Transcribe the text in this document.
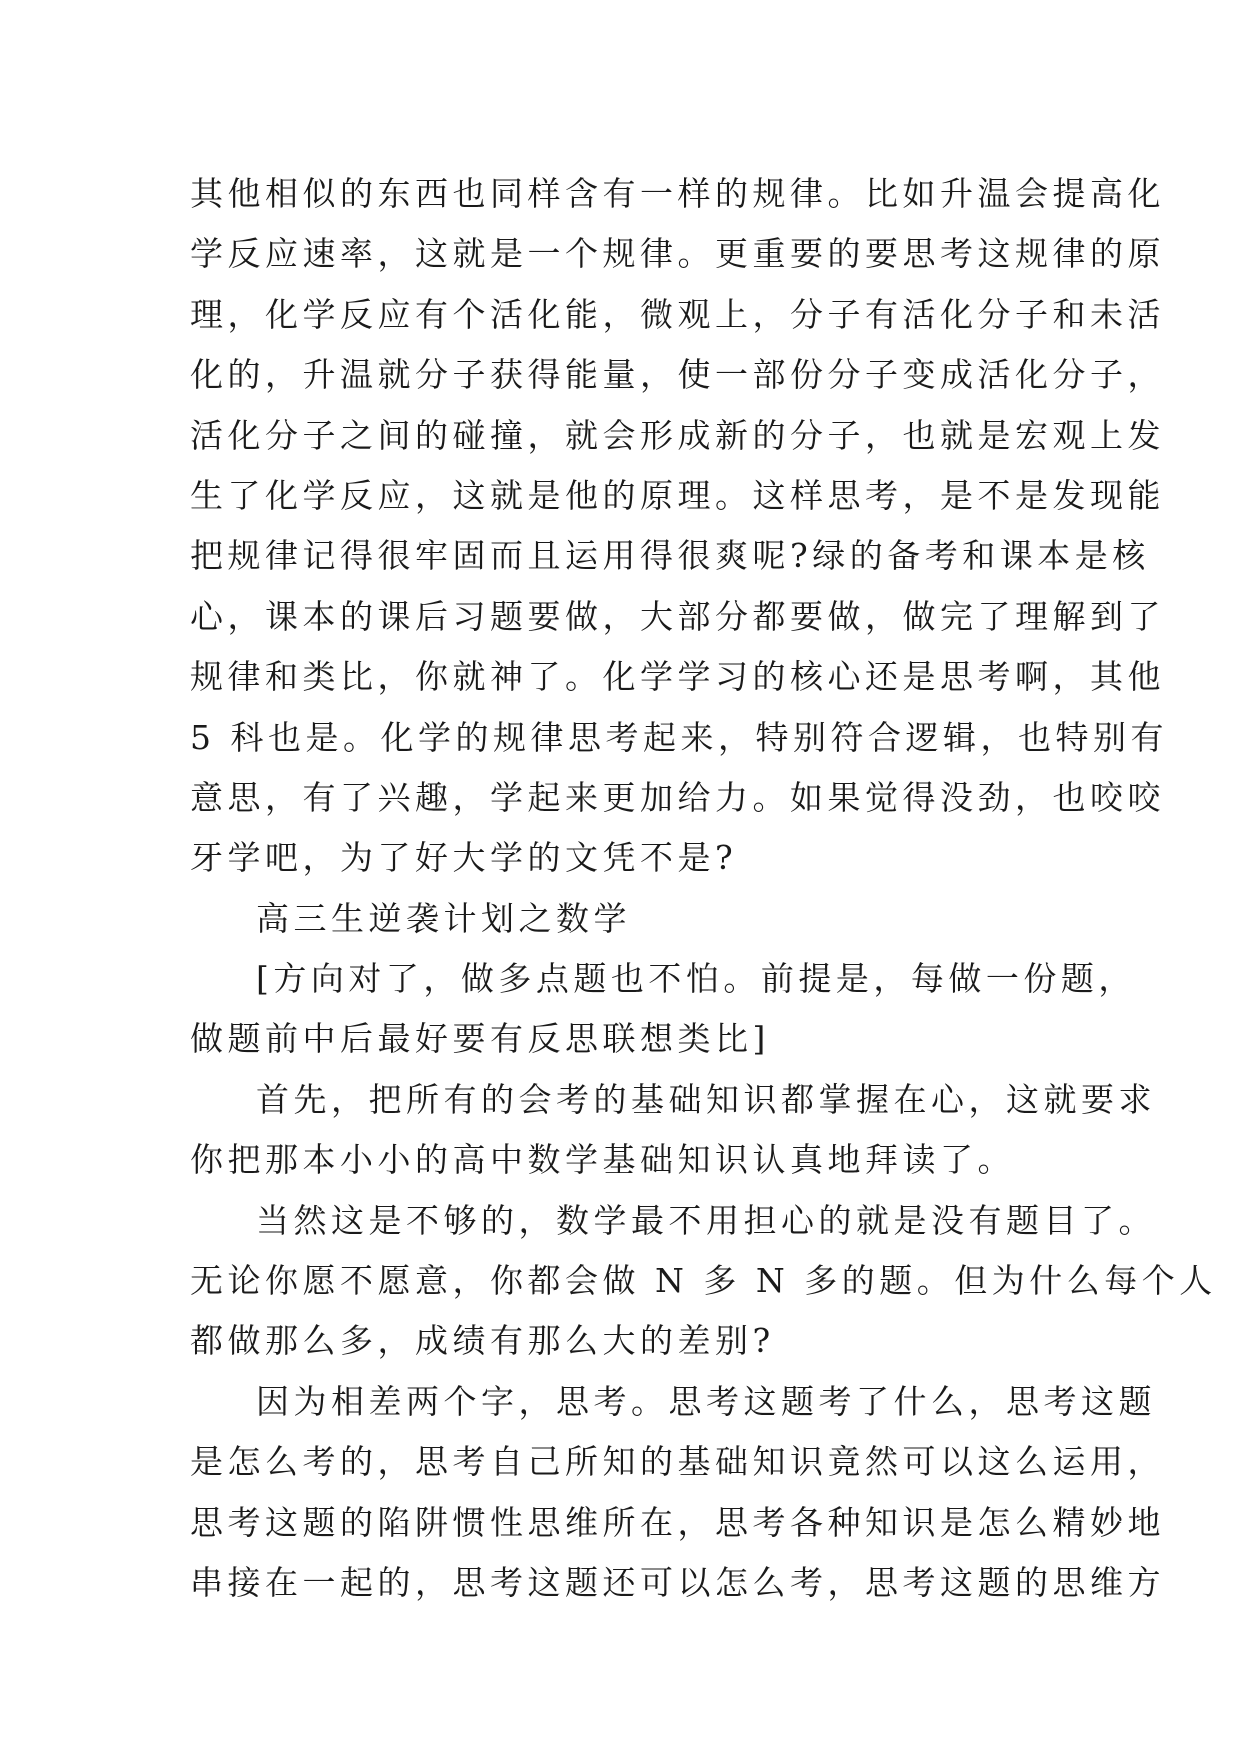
其他相似的东西也同样含有一样的规律。比如升温会提高化
学反应速率，这就是一个规律。更重要的要思考这规律的原
理，化学反应有个活化能，微观上，分子有活化分子和未活
化的，升温就分子获得能量，使一部份分子变成活化分子，
活化分子之间的碰撞，就会形成新的分子，也就是宏观上发
生了化学反应，这就是他的原理。这样思考，是不是发现能
把规律记得很牢固而且运用得很爽呢?绿的备考和课本是核
心，课本的课后习题要做，大部分都要做，做完了理解到了
规律和类比，你就神了。化学学习的核心还是思考啊，其他
5 科也是。化学的规律思考起来，特别符合逻辑，也特别有
意思，有了兴趣，学起来更加给力。如果觉得没劲，也咬咬
牙学吧，为了好大学的文凭不是?
高三生逆袭计划之数学
[方向对了，做多点题也不怕。前提是，每做一份题，
做题前中后最好要有反思联想类比]
首先，把所有的会考的基础知识都掌握在心，这就要求
你把那本小小的高中数学基础知识认真地拜读了。
当然这是不够的，数学最不用担心的就是没有题目了。
无论你愿不愿意，你都会做 N 多 N 多的题。但为什么每个人
都做那么多，成绩有那么大的差别?
因为相差两个字，思考。思考这题考了什么，思考这题
是怎么考的，思考自己所知的基础知识竟然可以这么运用，
思考这题的陷阱惯性思维所在，思考各种知识是怎么精妙地
串接在一起的，思考这题还可以怎么考，思考这题的思维方
